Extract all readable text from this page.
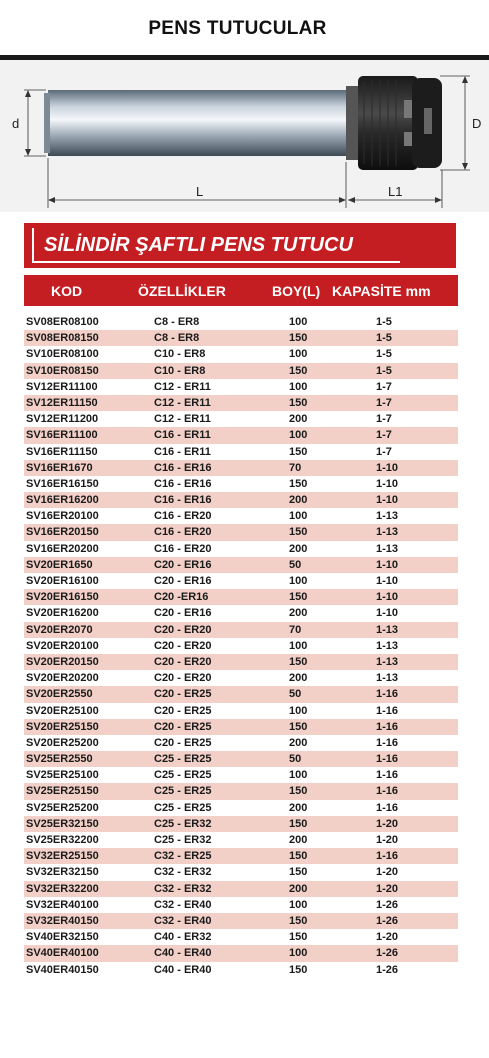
PENS TUTUCULAR
d	D
L	L1
SİLİNDİR ŞAFTLI PENS TUTUCU
KOD	ÖZELLİKLER	BOY(L) KAPASİTE mm
SV08ER08100	C8 - ER8	100	1-5
SV08ER08150	C8 - ER8	150	1-5
SV10ER08100	C10 - ER8	100	1-5
SV10ER08150	C10 - ER8	150	1-5
SV12ER11100	C12 - ER11	100	1-7
SV12ER11150	C12 - ER11	150	1-7
SV12ER11200	C12 - ER11	200	1-7
SV16ER11100	C16 - ER11	100	1-7
SV16ER11150	C16 - ER11	150	1-7
SV16ER1670	C16 - ER16	70	1-10
SV16ER16150	C16 - ER16	150	1-10
SV16ER16200	C16 - ER16	200	1-10
SV16ER20100	C16 - ER20	100	1-13
SV16ER20150	C16 - ER20	150	1-13
SV16ER20200	C16 - ER20	200	1-13
SV20ER1650	C20 - ER16	50	1-10
SV20ER16100	C20 - ER16	100	1-10
SV20ER16150	C20 -ER16	150	1-10
SV20ER16200	C20 - ER16	200	1-10
SV20ER2070	C20 - ER20	70	1-13
SV20ER20100	C20 - ER20	100	1-13
SV20ER20150	C20 - ER20	150	1-13
SV20ER20200	C20 - ER20	200	1-13
SV20ER2550	C20 - ER25	50	1-16
SV20ER25100	C20 - ER25	100	1-16
SV20ER25150	C20 - ER25	150	1-16
SV20ER25200	C20 - ER25	200	1-16
SV25ER2550	C25 - ER25	50	1-16
SV25ER25100	C25 - ER25	100	1-16
SV25ER25150	C25 - ER25	150	1-16
SV25ER25200	C25 - ER25	200	1-16
SV25ER32150	C25 - ER32	150	1-20
SV25ER32200	C25 - ER32	200	1-20
SV32ER25150	C32 - ER25	150	1-16
SV32ER32150	C32 - ER32	150	1-20
SV32ER32200	C32 - ER32	200	1-20
SV32ER40100	C32 - ER40	100	1-26
SV32ER40150	C32 - ER40	150	1-26
SV40ER32150	C40 - ER32	150	1-20
SV40ER40100	C40 - ER40	100	1-26
SV40ER40150	C40 - ER40	150	1-26
